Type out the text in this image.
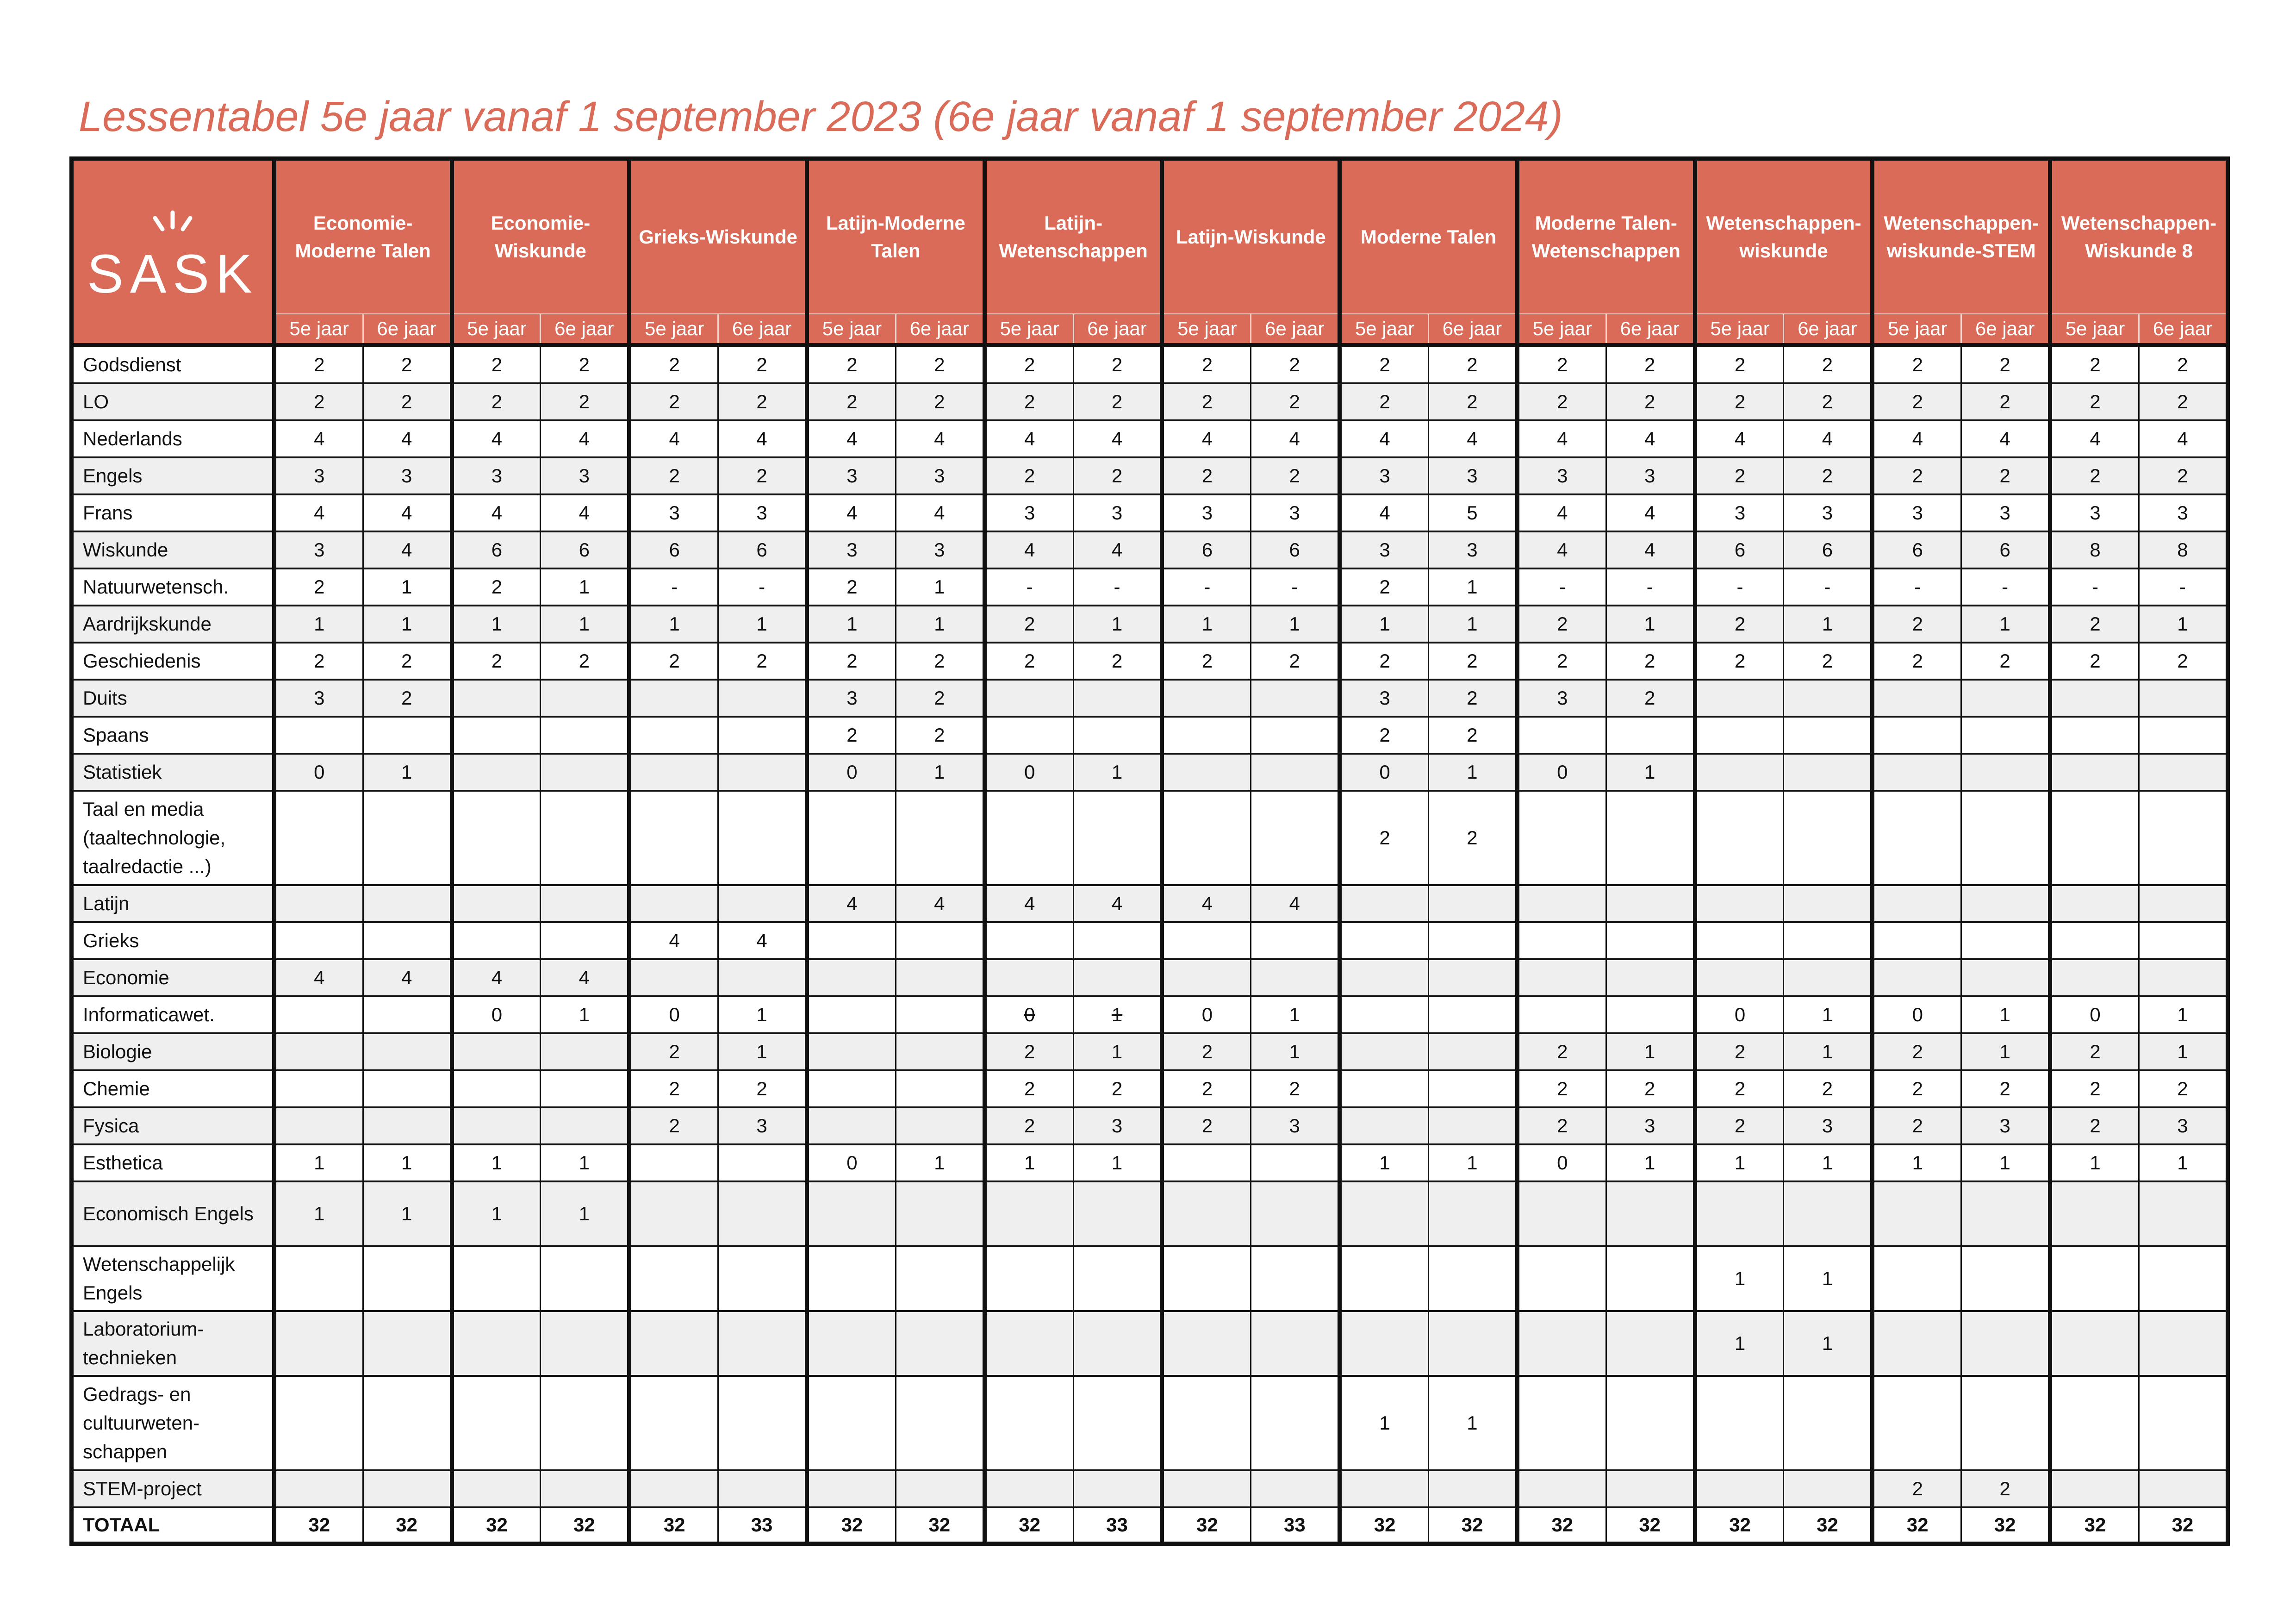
Lessentabel 5e jaar vanaf 1 september 2023 (6e jaar vanaf 1 september 2024)
SASK	Economie-Moderne Talen		Economie-Wiskunde		Grieks-Wiskunde		Latijn-Moderne Talen		Latijn-Wetenschappen		Latijn-Wiskunde		Moderne Talen		Moderne Talen-Wetenschappen		Wetenschappen-wiskunde		Wetenschappen-wiskunde-STEM		Wetenschappen-Wiskunde 8	
	5e jaar	6e jaar	5e jaar	6e jaar	5e jaar	6e jaar	5e jaar	6e jaar	5e jaar	6e jaar	5e jaar	6e jaar	5e jaar	6e jaar	5e jaar	6e jaar	5e jaar	6e jaar	5e jaar	6e jaar	5e jaar	6e jaar
Godsdienst	2	2	2	2	2	2	2	2	2	2	2	2	2	2	2	2	2	2	2	2	2	2
LO	2	2	2	2	2	2	2	2	2	2	2	2	2	2	2	2	2	2	2	2	2	2
Nederlands	4	4	4	4	4	4	4	4	4	4	4	4	4	4	4	4	4	4	4	4	4	4
Engels	3	3	3	3	2	2	3	3	2	2	2	2	3	3	3	3	2	2	2	2	2	2
Frans	4	4	4	4	3	3	4	4	3	3	3	3	4	5	4	4	3	3	3	3	3	3
Wiskunde	3	4	6	6	6	6	3	3	4	4	6	6	3	3	4	4	6	6	6	6	8	8
Natuurwetensch.	2	1	2	1	-	-	2	1	-	-	-	-	2	1	-	-	-	-	-	-	-	-
Aardrijkskunde	1	1	1	1	1	1	1	1	2	1	1	1	1	1	2	1	2	1	2	1	2	1
Geschiedenis	2	2	2	2	2	2	2	2	2	2	2	2	2	2	2	2	2	2	2	2	2	2
Duits	3	2					3	2					3	2	3	2						
Spaans							2	2					2	2								
Statistiek	0	1					0	1	0	1			0	1	0	1						
Taal en media (taaltechnologie, taalredactie ...)													2	2								
Latijn							4	4	4	4	4	4										
Grieks					4	4																
Economie	4	4	4	4																		
Informaticawet.			0	1	0	1			0	1	0	1					0	1	0	1	0	1
Biologie					2	1			2	1	2	1			2	1	2	1	2	1	2	1
Chemie					2	2			2	2	2	2			2	2	2	2	2	2	2	2
Fysica					2	3			2	3	2	3			2	3	2	3	2	3	2	3
Esthetica	1	1	1	1			0	1	1	1			1	1	0	1	1	1	1	1	1	1
Economisch Engels	1	1	1	1																		
Wetenschappelijk Engels																	1	1				
Laboratorium-technieken																	1	1				
Gedrags- en cultuurweten-schappen													1	1								
STEM-project																			2	2		
TOTAAL	32	32	32	32	32	33	32	32	32	33	32	33	32	32	32	32	32	32	32	32	32	32
